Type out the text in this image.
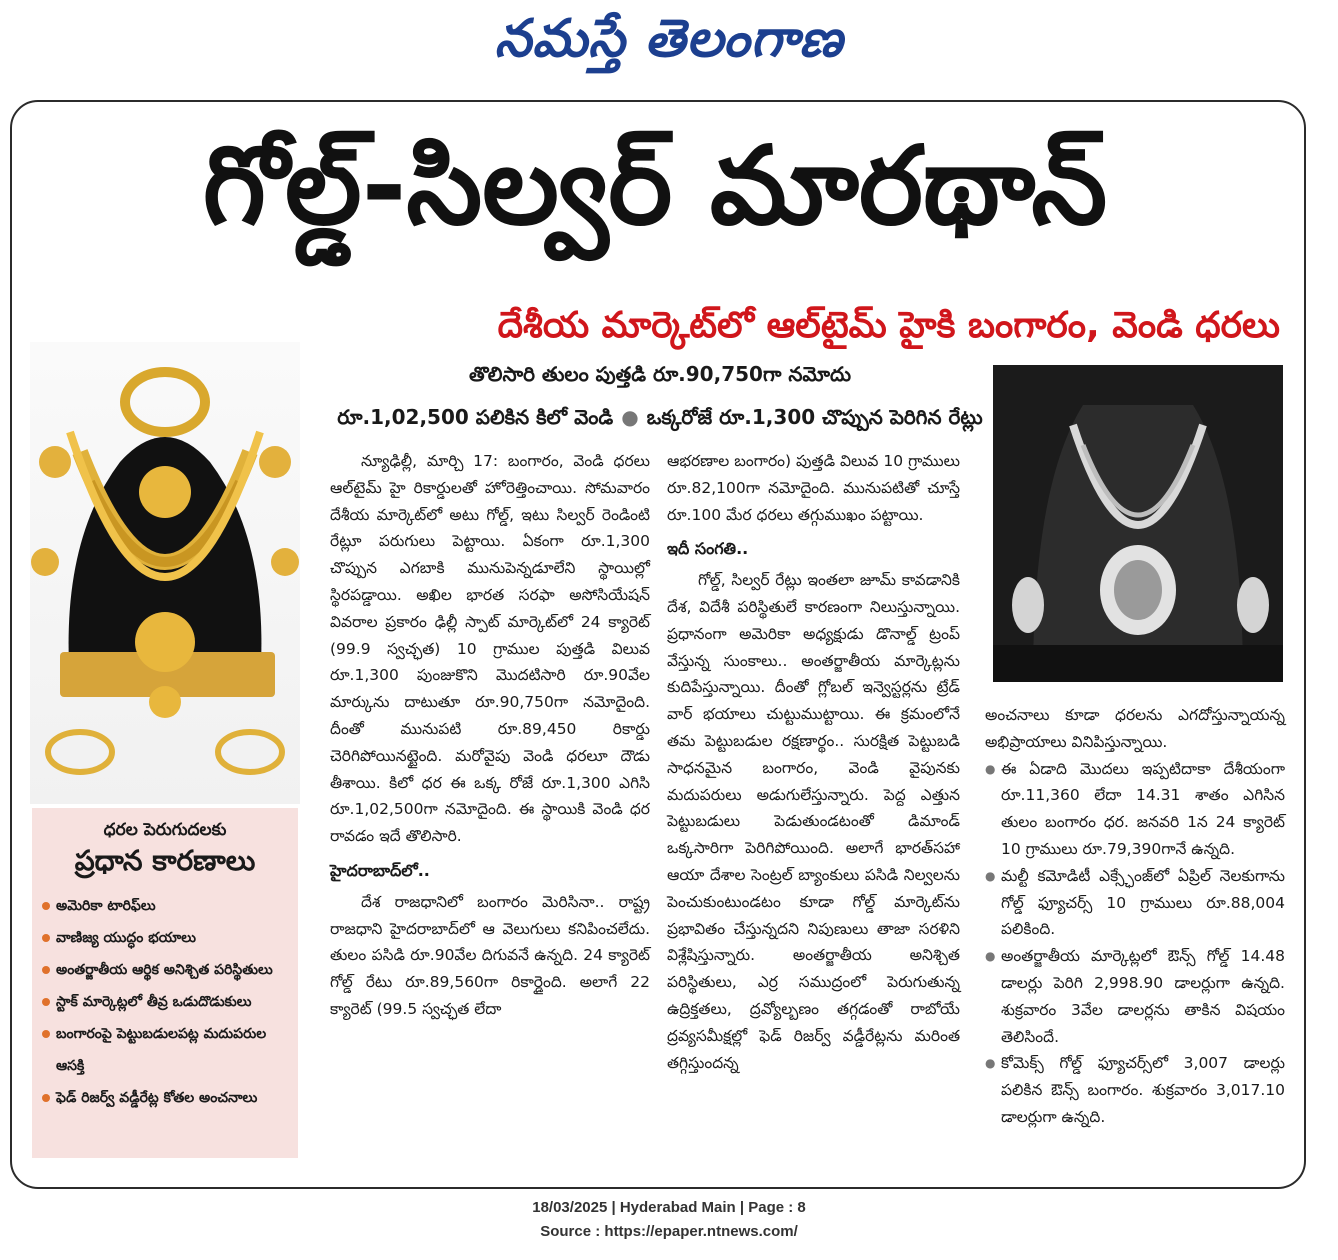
నమస్తే తెలంగాణ
గోల్డ్‌-సిల్వర్‌ మారథాన్‌
దేశీయ మార్కెట్‌లో ఆల్‌టైమ్‌ హైకి బంగారం, వెండి ధరలు
తొలిసారి తులం పుత్తడి రూ.90,750గా నమోదు
రూ.1,02,500 పలికిన కిలో వెండి ● ఒక్కరోజే రూ.1,300 చొప్పున పెరిగిన రేట్లు

న్యూఢిల్లీ, మార్చి 17: బంగారం, వెండి ధరలు ఆల్‌టైమ్‌ హై రికార్డులతో హోరెత్తించాయి. సోమవారం దేశీయ మార్కెట్‌లో అటు గోల్డ్‌, ఇటు సిల్వర్‌ రెండింటి రేట్లూ పరుగులు పెట్టాయి. ఏకంగా రూ.1,300 చొప్పున ఎగబాకి మునుపెన్నడూలేని స్థాయిల్లో స్థిరపడ్డాయి. అఖిల భారత సరఫా అసోసియేషన్‌ వివరాల ప్రకారం ఢిల్లీ స్పాట్‌ మార్కెట్‌లో 24 క్యారెట్‌ (99.9 స్వచ్ఛత) 10 గ్రాముల పుత్తడి విలువ రూ.1,300 పుంజుకొని మొదటిసారి రూ.90వేల మార్కును దాటుతూ రూ.90,750గా నమోదైంది. దీంతో మునుపటి రూ.89,450 రికార్డు చెరిగిపోయినట్టైంది. మరోవైపు వెండి ధరలూ దౌడు తీశాయి. కిలో ధర ఈ ఒక్క రోజే రూ.1,300 ఎగిసి రూ.1,02,500గా నమోదైంది. ఈ స్థాయికి వెండి ధర రావడం ఇదే తొలిసారి.

హైదరాబాద్‌లో..

దేశ రాజధానిలో బంగారం మెరిసినా.. రాష్ట్ర రాజధాని హైదరాబాద్‌లో ఆ వెలుగులు కనిపించలేదు. తులం పసిడి రూ.90వేల దిగువనే ఉన్నది. 24 క్యారెట్‌ గోల్డ్‌ రేటు రూ.89,560గా రికార్డైంది. అలాగే 22 క్యారెట్‌ (99.5 స్వచ్ఛత లేదా

ఆభరణాల బంగారం) పుత్తడి విలువ 10 గ్రాములు రూ.82,100గా నమోదైంది. మునుపటితో చూస్తే రూ.100 మేర ధరలు తగ్గుముఖం పట్టాయి.

ఇదీ సంగతి..

గోల్డ్‌, సిల్వర్‌ రేట్లు ఇంతలా జూమ్‌ కావడానికి దేశ, విదేశీ పరిస్థితులే కారణంగా నిలుస్తున్నాయి. ప్రధానంగా అమెరికా అధ్యక్షుడు డొనాల్డ్‌ ట్రంప్‌ వేస్తున్న సుంకాలు.. అంతర్జాతీయ మార్కెట్లను కుదిపేస్తున్నాయి. దీంతో గ్లోబల్‌ ఇన్వెస్టర్లను ట్రేడ్‌ వార్‌ భయాలు చుట్టుముట్టాయి. ఈ క్రమంలోనే తమ పెట్టుబడుల రక్షణార్థం.. సురక్షిత పెట్టుబడి సాధనమైన బంగారం, వెండి వైపునకు మదుపరులు అడుగులేస్తున్నారు. పెద్ద ఎత్తున పెట్టుబడులు పెడుతుండటంతో డిమాండ్‌ ఒక్కసారిగా పెరిగిపోయింది. అలాగే భారత్‌సహా ఆయా దేశాల సెంట్రల్‌ బ్యాంకులు పసిడి నిల్వలను పెంచుకుంటుండటం కూడా గోల్డ్‌ మార్కెట్‌ను ప్రభావితం చేస్తున్నదని నిపుణులు తాజా సరళిని విశ్లేషిస్తున్నారు. అంతర్జాతీయ అనిశ్చిత పరిస్థితులు, ఎర్ర సముద్రంలో పెరుగుతున్న ఉద్రిక్తతలు, ద్రవ్యోల్బణం తగ్గడంతో రాబోయే ద్రవ్యసమీక్షల్లో ఫెడ్‌ రిజర్వ్‌ వడ్డీరేట్లను మరింత తగ్గిస్తుందన్న

అంచనాలు కూడా ధరలను ఎగదోస్తున్నాయన్న అభిప్రాయాలు వినిపిస్తున్నాయి.

● ఈ ఏడాది మొదలు ఇప్పటిదాకా దేశీయంగా రూ.11,360 లేదా 14.31 శాతం ఎగిసిన తులం బంగారం ధర. జనవరి 1న 24 క్యారెట్‌ 10 గ్రాములు రూ.79,390గానే ఉన్నది.
● మల్టీ కమోడిటీ ఎక్స్ఛేంజ్‌లో ఏప్రిల్‌ నెలకుగాను గోల్డ్‌ ఫ్యూచర్స్‌ 10 గ్రాములు రూ.88,004 పలికింది.
● అంతర్జాతీయ మార్కెట్లలో ఔన్స్‌ గోల్డ్‌ 14.48 డాలర్లు పెరిగి 2,998.90 డాలర్లుగా ఉన్నది. శుక్రవారం 3వేల డాలర్లను తాకిన విషయం తెలిసిందే.
● కోమెక్స్‌ గోల్డ్‌ ఫ్యూచర్స్‌లో 3,007 డాలర్లు పలికిన ఔన్స్‌ బంగారం. శుక్రవారం 3,017.10 డాలర్లుగా ఉన్నది.
ధరల పెరుగుదలకు
ప్రధాన కారణాలు
అమెరికా టారిఫ్‌లు
వాణిజ్య యుద్ధం భయాలు
అంతర్జాతీయ ఆర్థిక అనిశ్చిత పరిస్థితులు
స్టాక్‌ మార్కెట్లలో తీవ్ర ఒడుదొడుకులు
బంగారంపై పెట్టుబడులపట్ల మదుపరుల ఆసక్తి
ఫెడ్‌ రిజర్వ్‌ వడ్డీరేట్ల కోతల అంచనాలు
18/03/2025 | Hyderabad Main | Page : 8
Source : https://epaper.ntnews.com/
